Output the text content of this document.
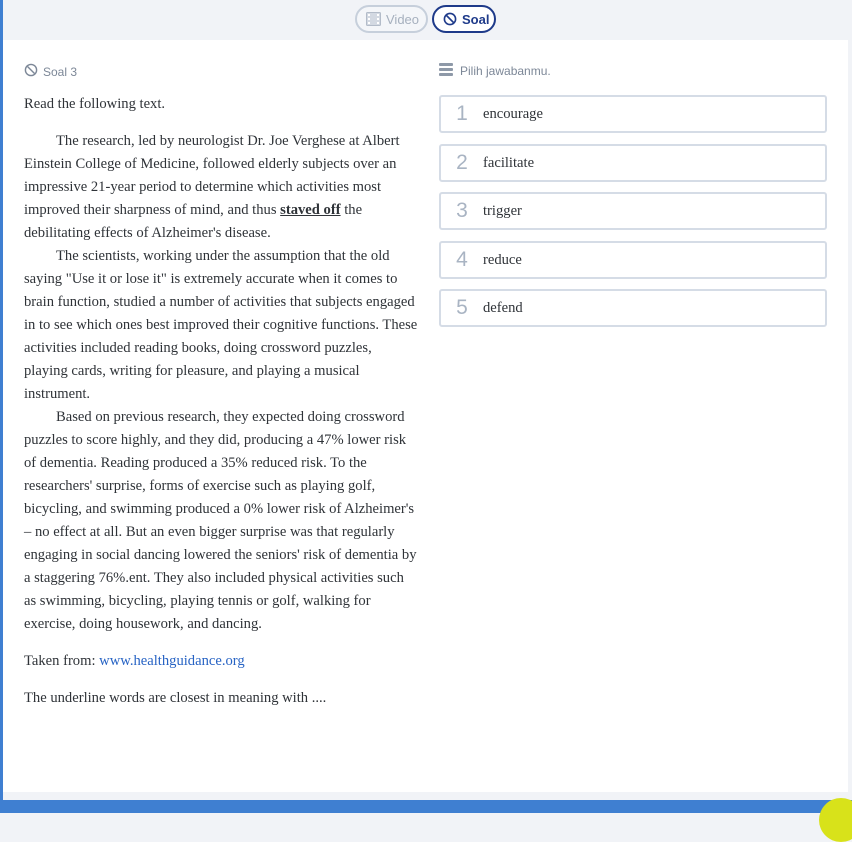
Video	Soal
Soal 3

Read the following text.

The research, led by neurologist Dr. Joe Verghese at Albert Einstein College of Medicine, followed elderly subjects over an impressive 21-year period to determine which activities most improved their sharpness of mind, and thus staved off the debilitating effects of Alzheimer's disease.

The scientists, working under the assumption that the old saying "Use it or lose it" is extremely accurate when it comes to brain function, studied a number of activities that subjects engaged in to see which ones best improved their cognitive functions. These activities included reading books, doing crossword puzzles, playing cards, writing for pleasure, and playing a musical instrument.

Based on previous research, they expected doing crossword puzzles to score highly, and they did, producing a 47% lower risk of dementia. Reading produced a 35% reduced risk. To the researchers' surprise, forms of exercise such as playing golf, bicycling, and swimming produced a 0% lower risk of Alzheimer's – no effect at all. But an even bigger surprise was that regularly engaging in social dancing lowered the seniors' risk of dementia by a staggering 76%.ent. They also included physical activities such as swimming, bicycling, playing tennis or golf, walking for exercise, doing housework, and dancing.

Taken from: www.healthguidance.org

The underline words are closest in meaning with ....

Pilih jawabanmu.
1	encourage
2	facilitate
3	trigger
4	reduce
5	defend
